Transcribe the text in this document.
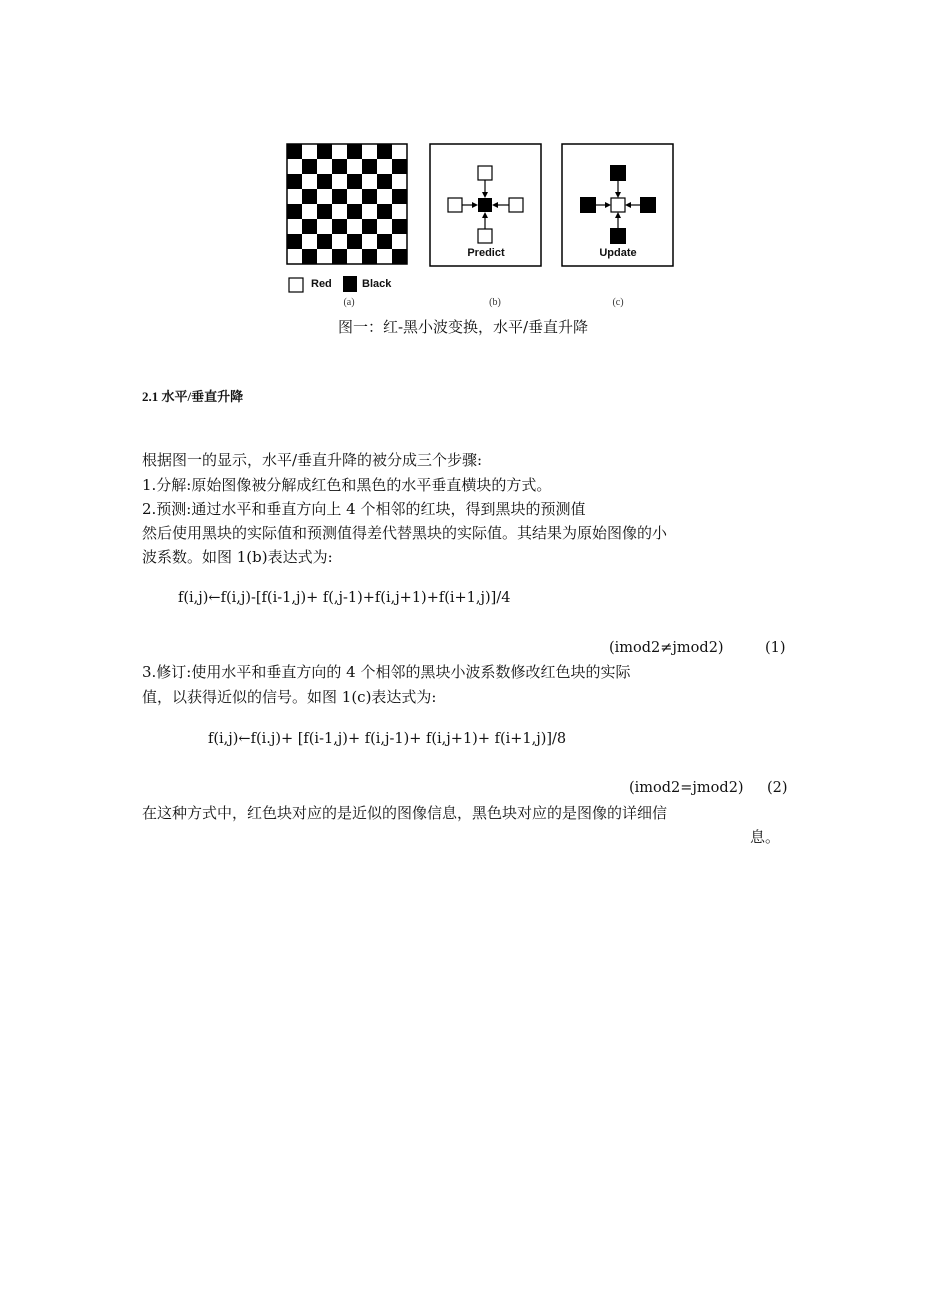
Red	Black
(a)
Predict
(b)
Update
(c)
图一：红-黑小波变换，水平/垂直升降
2.1 水平/垂直升降
根据图一的显示，水平/垂直升降的被分成三个步骤:
1.分解:原始图像被分解成红色和黑色的水平垂直横块的方式。
2.预测:通过水平和垂直方向上 4 个相邻的红块，得到黑块的预测值
然后使用黑块的实际值和预测值得差代替黑块的实际值。其结果为原始图像的小
波系数。如图 1(b)表达式为:
f(i,j)←f(i,j)-[f(i-1,j)+ f(,j-1)+f(i,j+1)+f(i+1,j)]/4
(imod2≠jmod2)	(1)
3.修订:使用水平和垂直方向的 4 个相邻的黑块小波系数修改红色块的实际
值，以获得近似的信号。如图 1(c)表达式为:
f(i,j)←f(i.j)+ [f(i-1,j)+ f(i,j-1)+ f(i,j+1)+ f(i+1,j)]/8
(imod2=jmod2) (2)
在这种方式中，红色块对应的是近似的图像信息，黑色块对应的是图像的详细信
息。
